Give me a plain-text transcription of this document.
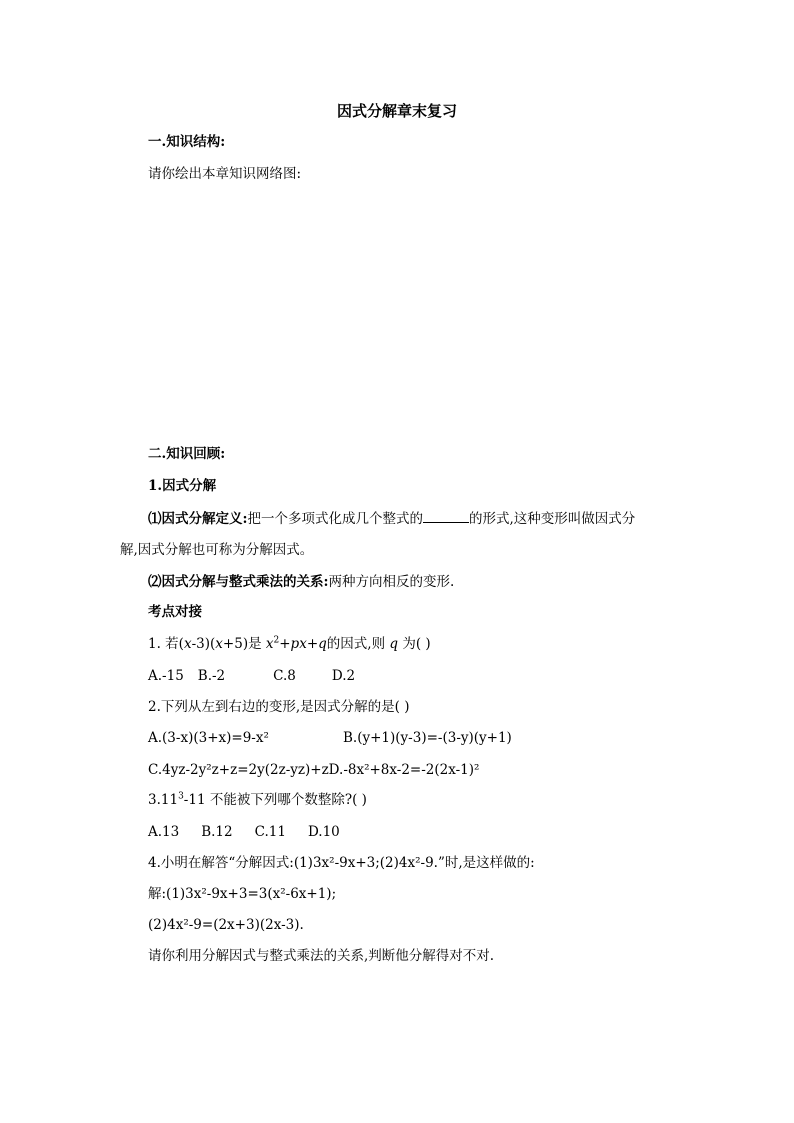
因式分解章末复习
一.知识结构:
请你绘出本章知识网络图:
二.知识回顾:
1.因式分解
⑴因式分解定义:把一个多项式化成几个整式的	的形式,这种变形叫做因式分
解,因式分解也可称为分解因式。
⑵因式分解与整式乘法的关系:两种方向相反的变形.
考点对接
1. 若(x-3)(x+5)是 $x^2+px+q$的因式,则 q 为( )
A.-15 B.-2	C.8	D.2
2.下列从左到右边的变形,是因式分解的是( )
A.(3-x)(3+x)=9-x²	B.(y+1)(y-3)=-(3-y)(y+1)
C.4yz-2y²z+z=2y(2z-yz)+zD.-8x²+8x-2=-2(2x-1)²
3.11$^3$-11 不能被下列哪个数整除?( )
A.13 B.12 C.11 D.10
4.小明在解答“分解因式:(1)3x²-9x+3;(2)4x²-9.”时,是这样做的:
解:(1)3x²-9x+3=3(x²-6x+1);
(2)4x²-9=(2x+3)(2x-3).
请你利用分解因式与整式乘法的关系,判断他分解得对不对.
